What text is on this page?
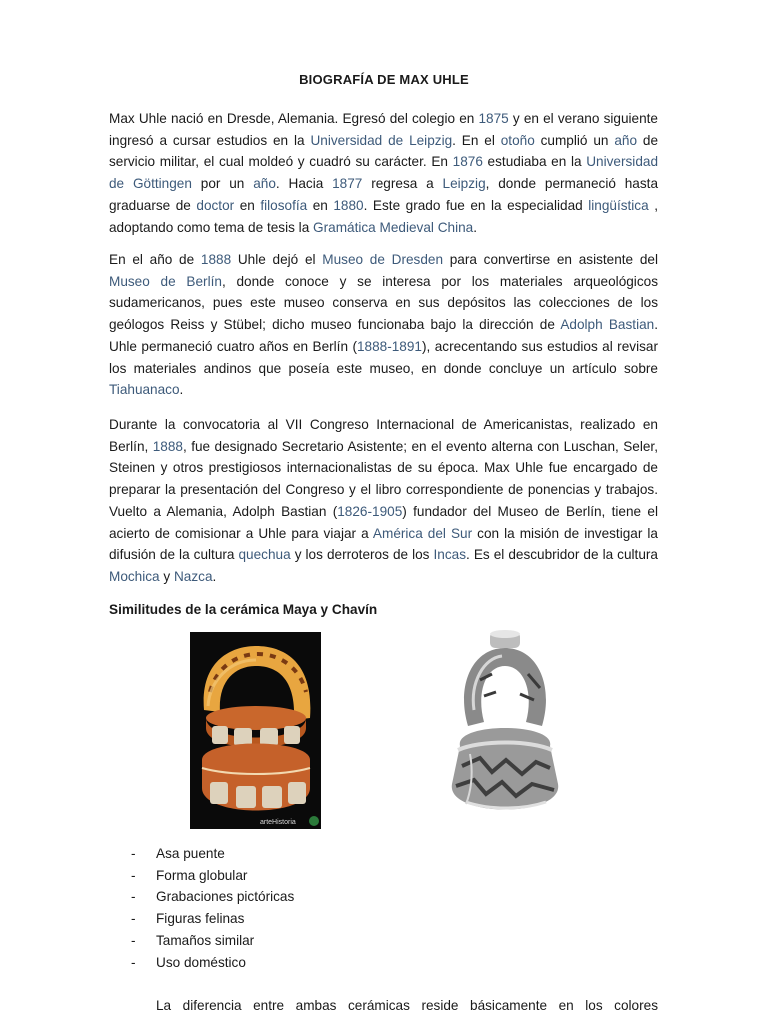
BIOGRAFÍA DE MAX UHLE

Max Uhle nació en Dresde, Alemania. Egresó del colegio en 1875 y en el verano siguiente ingresó a cursar estudios en la Universidad de Leipzig. En el otoño cumplió un año de servicio militar, el cual moldeó y cuadró su carácter. En 1876 estudiaba en la Universidad de Göttingen por un año. Hacia 1877 regresa a Leipzig, donde permaneció hasta graduarse de doctor en filosofía en 1880. Este grado fue en la especialidad lingüística , adoptando como tema de tesis la Gramática Medieval China.

En el año de 1888 Uhle dejó el Museo de Dresden para convertirse en asistente del Museo de Berlín, donde conoce y se interesa por los materiales arqueológicos sudamericanos, pues este museo conserva en sus depósitos las colecciones de los geólogos Reiss y Stübel; dicho museo funcionaba bajo la dirección de Adolph Bastian. Uhle permaneció cuatro años en Berlín (1888-1891), acrecentando sus estudios al revisar los materiales andinos que poseía este museo, en donde concluye un artículo sobre Tiahuanaco.

Durante la convocatoria al VII Congreso Internacional de Americanistas, realizado en Berlín, 1888, fue designado Secretario Asistente; en el evento alterna con Luschan, Seler, Steinen y otros prestigiosos internacionalistas de su época. Max Uhle fue encargado de preparar la presentación del Congreso y el libro correspondiente de ponencias y trabajos. Vuelto a Alemania, Adolph Bastian (1826-1905) fundador del Museo de Berlín, tiene el acierto de comisionar a Uhle para viajar a América del Sur con la misión de investigar la difusión de la cultura quechua y los derroteros de los Incas. Es el descubridor de la cultura Mochica y Nazca.

Similitudes de la cerámica Maya y Chavín
arteHistoria
- Asa puente
- Forma globular
- Grabaciones pictóricas
- Figuras felinas
- Tamaños similar
- Uso doméstico

La diferencia entre ambas cerámicas reside básicamente en los colores
